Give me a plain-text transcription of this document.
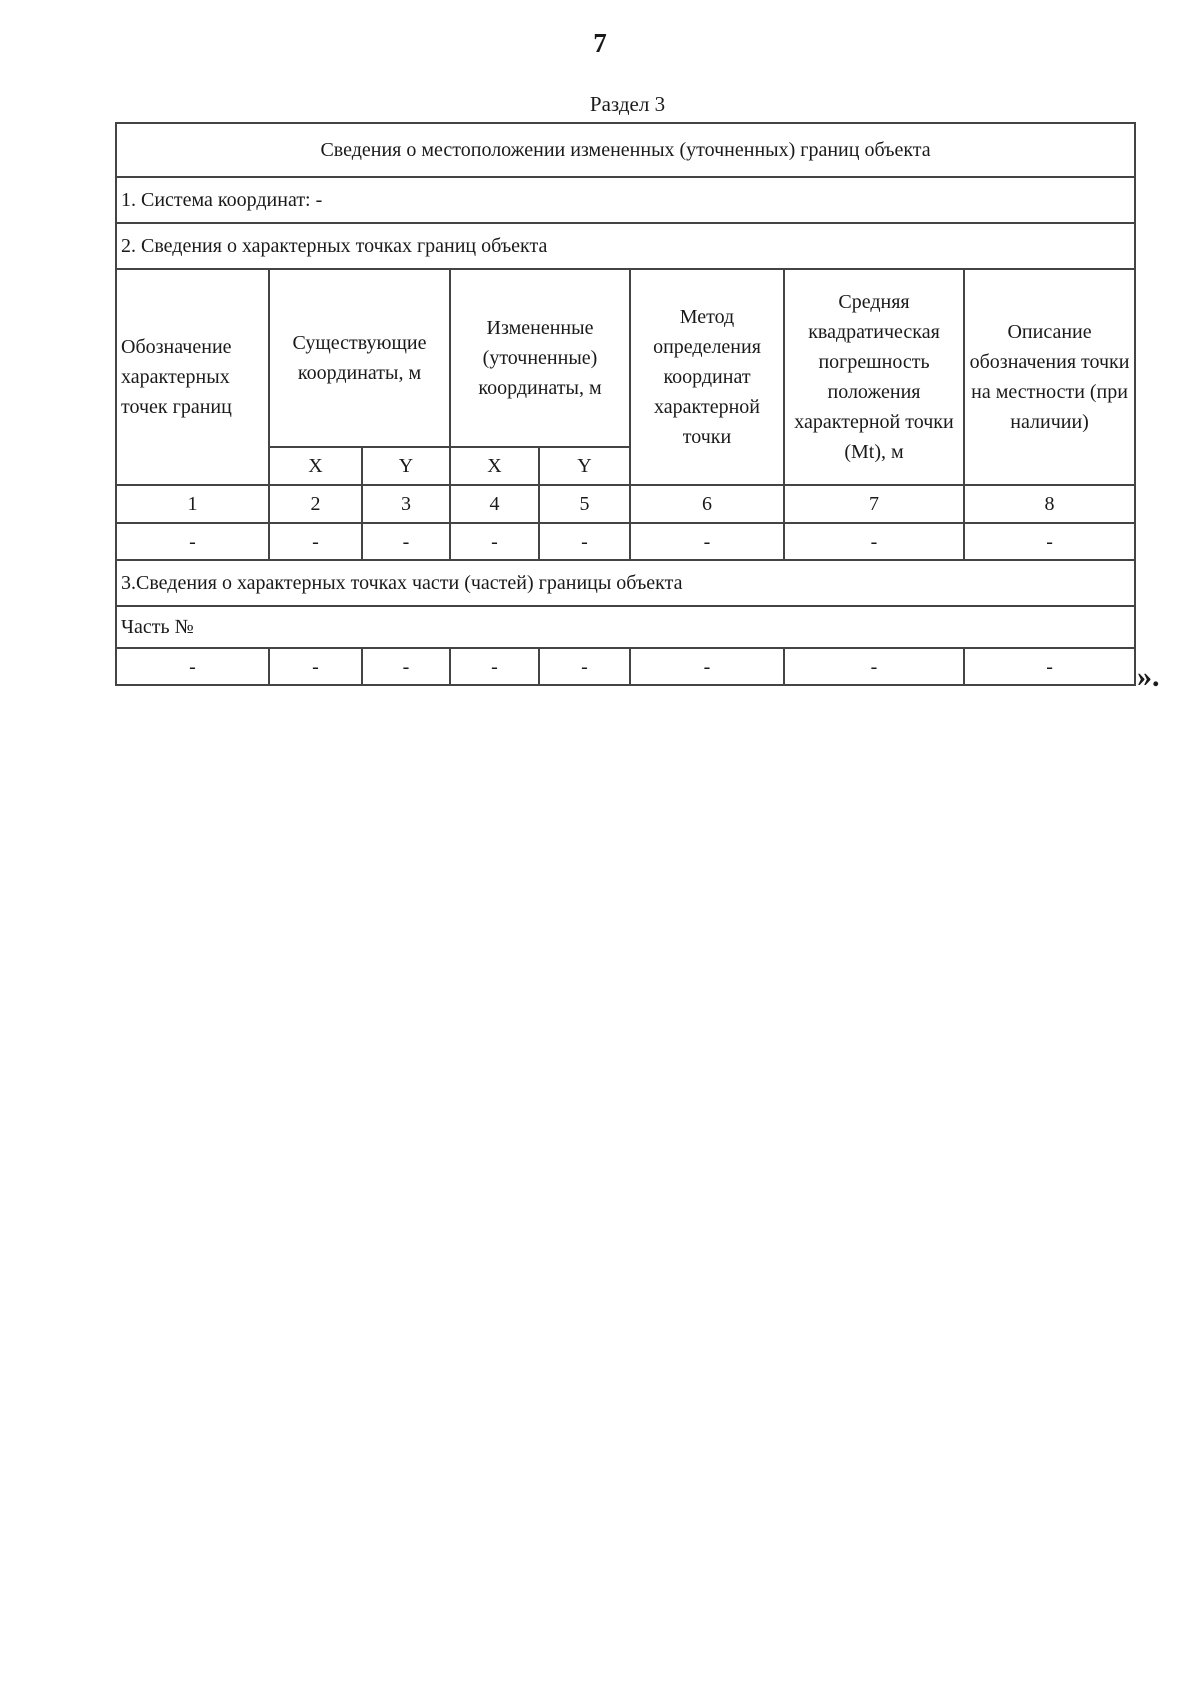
7
Раздел 3
Сведения о местоположении измененных (уточненных) границ объекта							
1. Система координат: -							
2. Сведения о характерных точках границ объекта							
Обозначение характерных точек границ	Существующие координаты, м		Измененные (уточненные) координаты, м		Метод определения координат характерной точки	Средняя квадратическая погрешность положения характерной точки (Mt), м	Описание обозначения точки на местности (при наличии)
	X	Y	X	Y			
1	2	3	4	5	6	7	8
-	-	-	-	-	-	-	-
3.Сведения о характерных точках части (частей) границы объекта							
Часть №							
-	-	-	-	-	-	-	-	».
